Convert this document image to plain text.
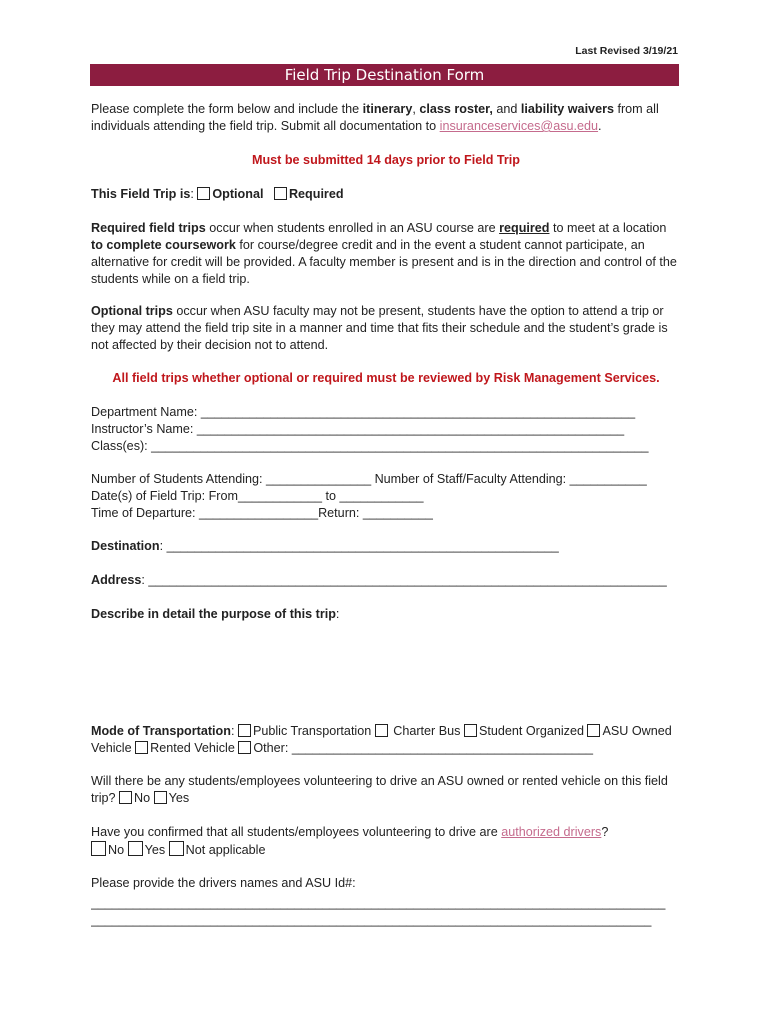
Last Revised 3/19/21
Field Trip Destination Form
Please complete the form below and include the itinerary, class roster, and liability waivers from all individuals attending the field trip. Submit all documentation to insuranceservices@asu.edu.
Must be submitted 14 days prior to Field Trip
This Field Trip is: Optional Required
Required field trips occur when students enrolled in an ASU course are required to meet at a location to complete coursework for course/degree credit and in the event a student cannot participate, an alternative for credit will be provided. A faculty member is present and is in the direction and control of the students while on a field trip.
Optional trips occur when ASU faculty may not be present, students have the option to attend a trip or they may attend the field trip site in a manner and time that fits their schedule and the student’s grade is not affected by their decision not to attend.
All field trips whether optional or required must be reviewed by Risk Management Services.
Department Name: ______________________________________________________________
Instructor’s Name: _____________________________________________________________
Class(es): _______________________________________________________________________
Number of Students Attending: _______________ Number of Staff/Faculty Attending: ___________
Date(s) of Field Trip: From____________ to ____________
Time of Departure: _________________Return: __________
Destination: ________________________________________________________
Address: __________________________________________________________________________
Describe in detail the purpose of this trip:
Mode of Transportation: Public Transportation  Charter Bus Student Organized ASU Owned Vehicle Rented Vehicle Other: ___________________________________________
Will there be any students/employees volunteering to drive an ASU owned or rented vehicle on this field trip? No Yes
Have you confirmed that all students/employees volunteering to drive are authorized drivers?
No Yes Not applicable
Please provide the drivers names and ASU Id#:
__________________________________________________________________________________
________________________________________________________________________________
